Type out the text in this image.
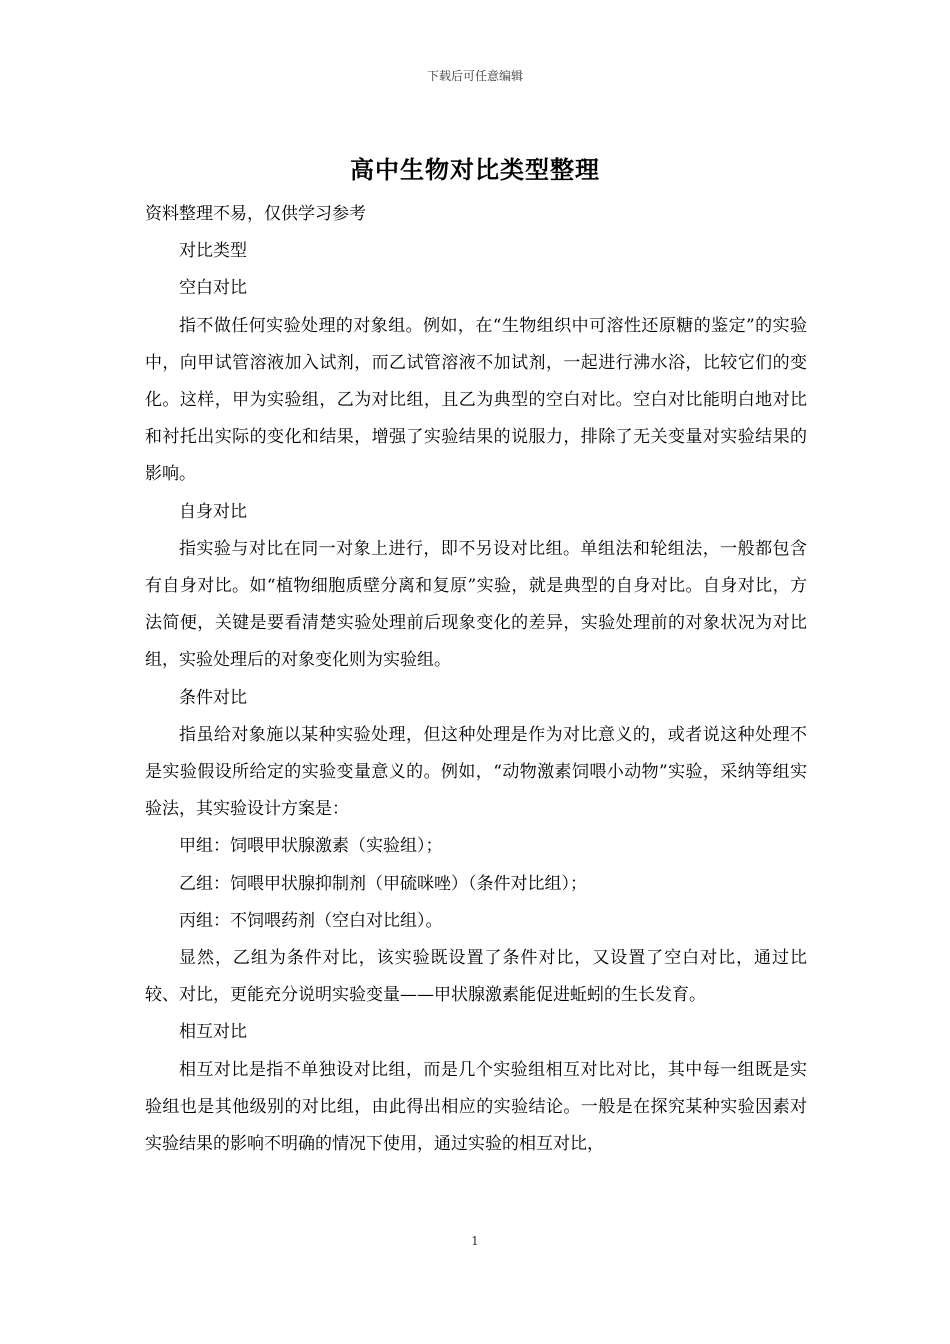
下载后可任意编辑
高中生物对比类型整理

资料整理不易，仅供学习参考

对比类型

空白对比

指不做任何实验处理的对象组。例如，在“生物组织中可溶性还原糖的鉴定”的实验中，向甲试管溶液加入试剂，而乙试管溶液不加试剂，一起进行沸水浴，比较它们的变化。这样，甲为实验组，乙为对比组，且乙为典型的空白对比。空白对比能明白地对比和衬托出实际的变化和结果，增强了实验结果的说服力，排除了无关变量对实验结果的影响。

自身对比

指实验与对比在同一对象上进行，即不另设对比组。单组法和轮组法，一般都包含有自身对比。如“植物细胞质壁分离和复原”实验，就是典型的自身对比。自身对比，方法简便，关键是要看清楚实验处理前后现象变化的差异，实验处理前的对象状况为对比组，实验处理后的对象变化则为实验组。

条件对比

指虽给对象施以某种实验处理，但这种处理是作为对比意义的，或者说这种处理不是实验假设所给定的实验变量意义的。例如，“动物激素饲喂小动物”实验，采纳等组实验法，其实验设计方案是：

甲组：饲喂甲状腺激素（实验组）；

乙组：饲喂甲状腺抑制剂（甲硫咪唑）（条件对比组）；

丙组：不饲喂药剂（空白对比组）。

显然，乙组为条件对比，该实验既设置了条件对比，又设置了空白对比，通过比较、对比，更能充分说明实验变量——甲状腺激素能促进蚯蚓的生长发育。

相互对比

相互对比是指不单独设对比组，而是几个实验组相互对比对比，其中每一组既是实验组也是其他级别的对比组，由此得出相应的实验结论。一般是在探究某种实验因素对实验结果的影响不明确的情况下使用，通过实验的相互对比，

1
